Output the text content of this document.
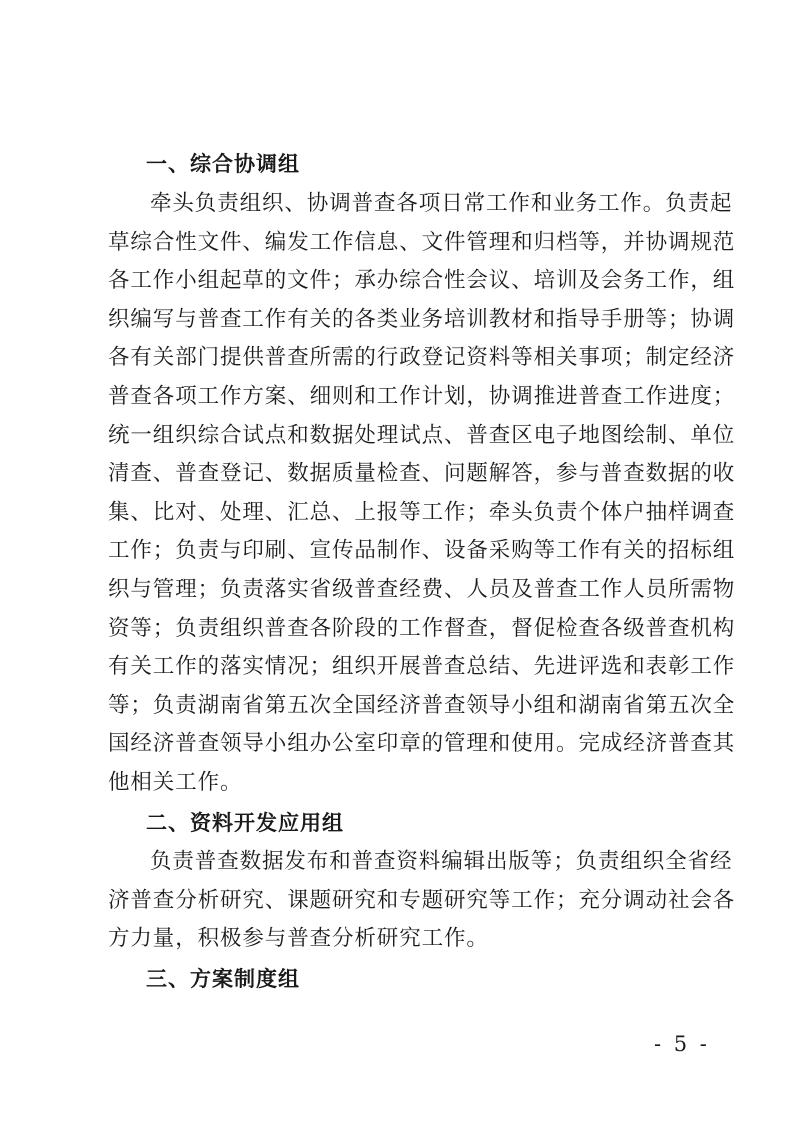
一、综合协调组
牵头负责组织、协调普查各项日常工作和业务工作。负责起
草综合性文件、编发工作信息、文件管理和归档等，并协调规范
各工作小组起草的文件；承办综合性会议、培训及会务工作，组
织编写与普查工作有关的各类业务培训教材和指导手册等；协调
各有关部门提供普查所需的行政登记资料等相关事项；制定经济
普查各项工作方案、细则和工作计划，协调推进普查工作进度；
统一组织综合试点和数据处理试点、普查区电子地图绘制、单位
清查、普查登记、数据质量检查、问题解答，参与普查数据的收
集、比对、处理、汇总、上报等工作；牵头负责个体户抽样调查
工作；负责与印刷、宣传品制作、设备采购等工作有关的招标组
织与管理；负责落实省级普查经费、人员及普查工作人员所需物
资等；负责组织普查各阶段的工作督查，督促检查各级普查机构
有关工作的落实情况；组织开展普查总结、先进评选和表彰工作
等；负责湖南省第五次全国经济普查领导小组和湖南省第五次全
国经济普查领导小组办公室印章的管理和使用。完成经济普查其
他相关工作。
二、资料开发应用组
负责普查数据发布和普查资料编辑出版等；负责组织全省经
济普查分析研究、课题研究和专题研究等工作；充分调动社会各
方力量，积极参与普查分析研究工作。
三、方案制度组
- 5 -
